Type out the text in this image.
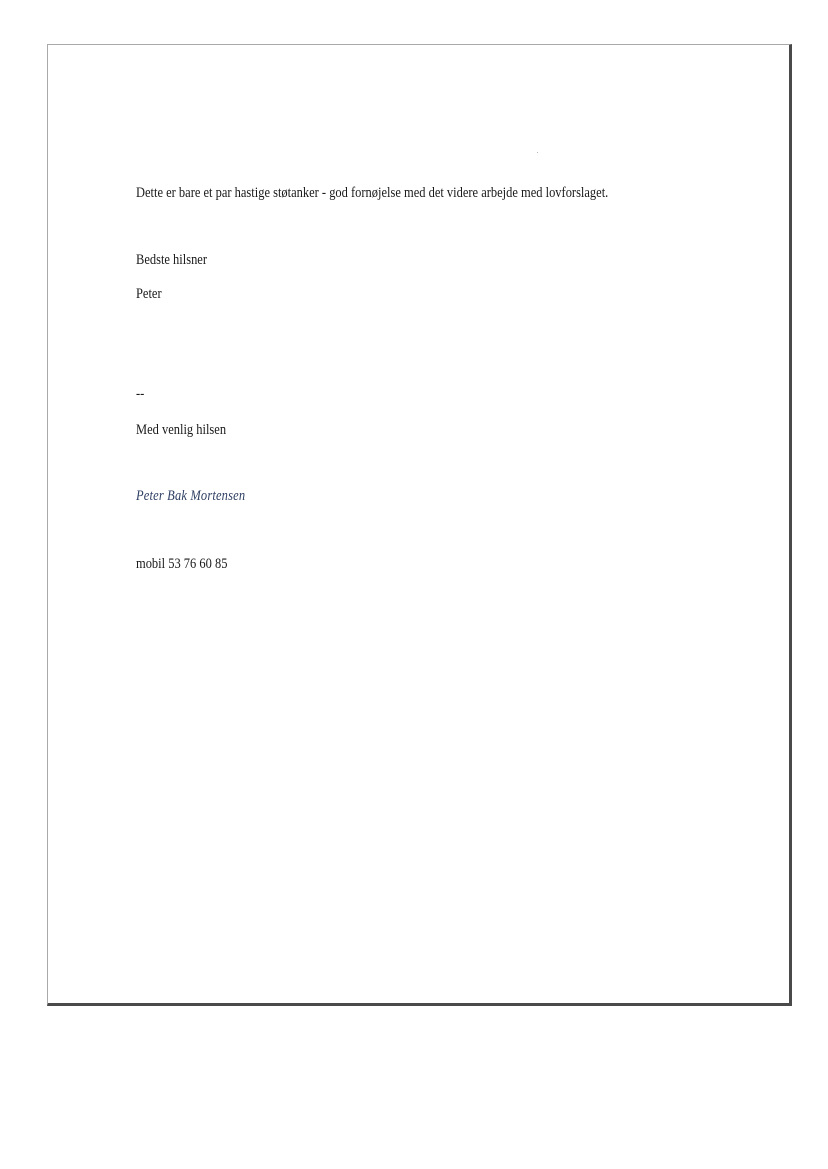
Dette er bare et par hastige støtanker - god fornøjelse med det videre arbejde med lovforslaget.

Bedste hilsner

Peter

--

Med venlig hilsen

Peter Bak Mortensen

mobil 53 76 60 85
